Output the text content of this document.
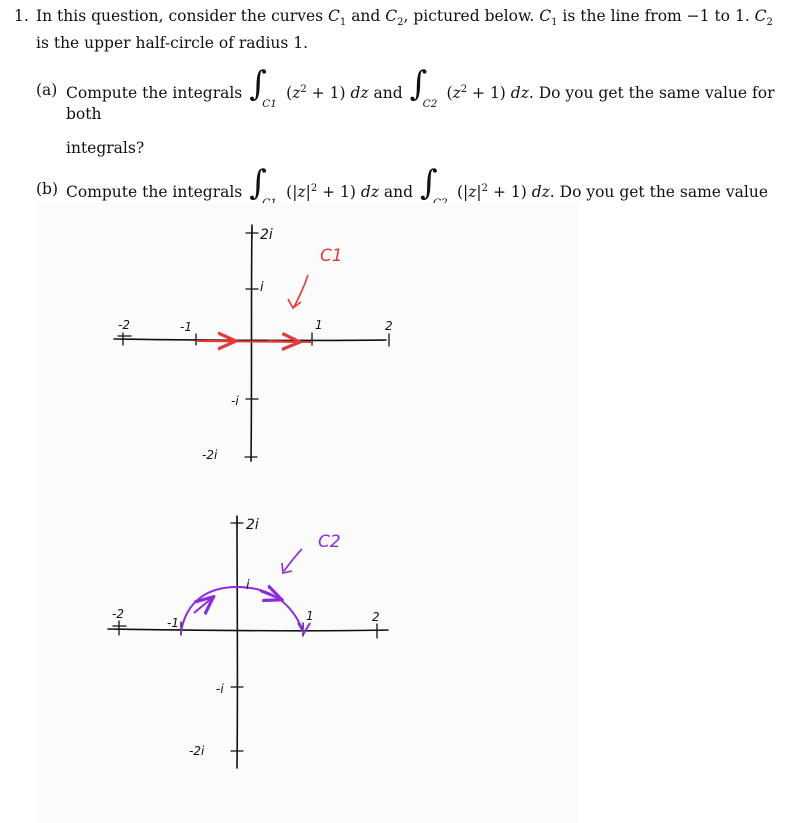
1. In this question, consider the curves $C_1$ and $C_2$, pictured below. $C_1$ is the line from −1 to 1. $C_2$ is the upper half-circle of radius 1.
(a) Compute the integrals ∫
C1
$(z^2 + 1)$ dz and ∫
C2
$(z^2 + 1)$ dz. Do you get the same value for both
integrals?
(b) Compute the integrals ∫ $(|z|^2 + 1)$ dz and ∫ $(|z|^2 + 1)$ dz. Do you get the same value
2i
i
-2	-1	1	2
-i
-2i
C1
2i
i
-2
-1	1	2
-i
-2i
C2
